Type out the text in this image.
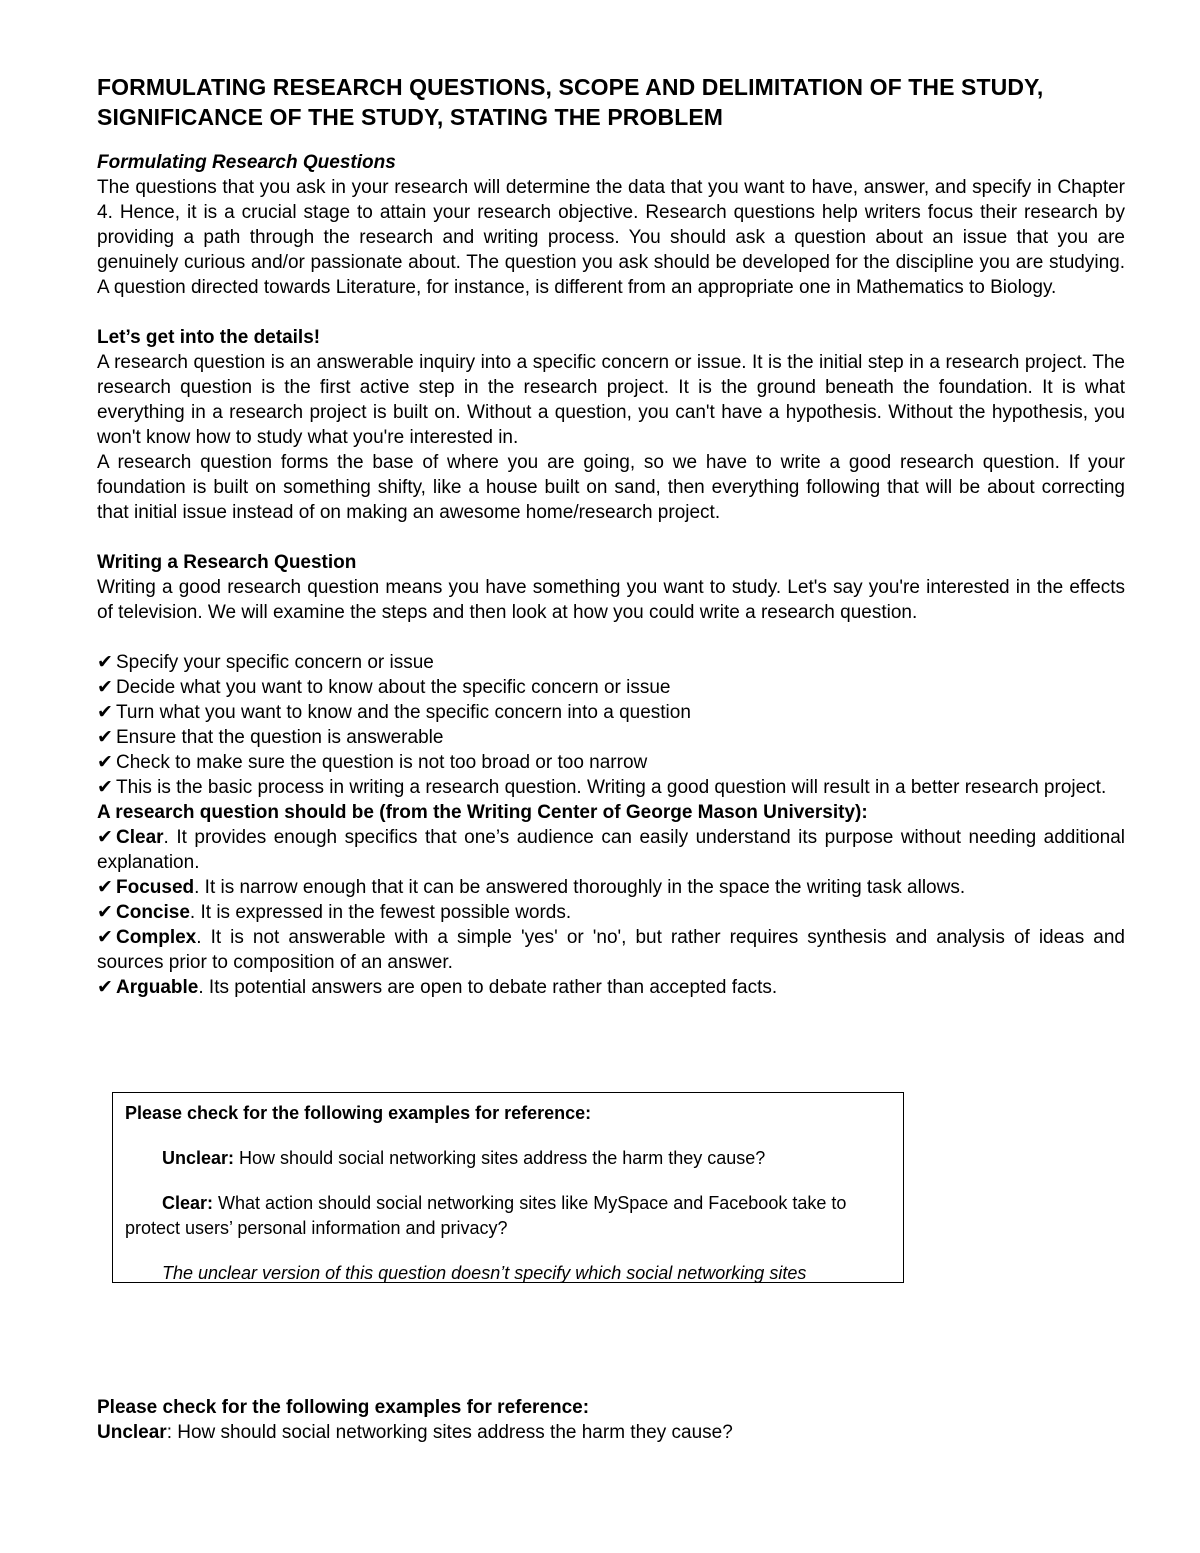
FORMULATING RESEARCH QUESTIONS, SCOPE AND DELIMITATION OF THE STUDY, SIGNIFICANCE OF THE STUDY, STATING THE PROBLEM

Formulating Research Questions

The questions that you ask in your research will determine the data that you want to have, answer, and specify in Chapter 4. Hence, it is a crucial stage to attain your research objective. Research questions help writers focus their research by providing a path through the research and writing process. You should ask a question about an issue that you are genuinely curious and/or passionate about. The question you ask should be developed for the discipline you are studying. A question directed towards Literature, for instance, is different from an appropriate one in Mathematics to Biology.

Let’s get into the details!

A research question is an answerable inquiry into a specific concern or issue. It is the initial step in a research project. The research question is the first active step in the research project. It is the ground beneath the foundation. It is what everything in a research project is built on. Without a question, you can't have a hypothesis. Without the hypothesis, you won't know how to study what you're interested in.

A research question forms the base of where you are going, so we have to write a good research question. If your foundation is built on something shifty, like a house built on sand, then everything following that will be about correcting that initial issue instead of on making an awesome home/research project.

Writing a Research Question

Writing a good research question means you have something you want to study. Let's say you're interested in the effects of television. We will examine the steps and then look at how you could write a research question.

✔ Specify your specific concern or issue
✔ Decide what you want to know about the specific concern or issue
✔ Turn what you want to know and the specific concern into a question
✔ Ensure that the question is answerable
✔ Check to make sure the question is not too broad or too narrow
✔ This is the basic process in writing a research question. Writing a good question will result in a better research project.

A research question should be (from the Writing Center of George Mason University):

✔ Clear. It provides enough specifics that one’s audience can easily understand its purpose without needing additional explanation.
✔ Focused. It is narrow enough that it can be answered thoroughly in the space the writing task allows.
✔ Concise. It is expressed in the fewest possible words.
✔ Complex. It is not answerable with a simple 'yes' or 'no', but rather requires synthesis and analysis of ideas and sources prior to composition of an answer.
✔ Arguable. Its potential answers are open to debate rather than accepted facts.

Please check for the following examples for reference:

Unclear: How should social networking sites address the harm they cause?

Clear: What action should social networking sites like MySpace and Facebook take to protect users’ personal information and privacy?

The unclear version of this question doesn’t specify which social networking sites

Please check for the following examples for reference:

Unclear: How should social networking sites address the harm they cause?
